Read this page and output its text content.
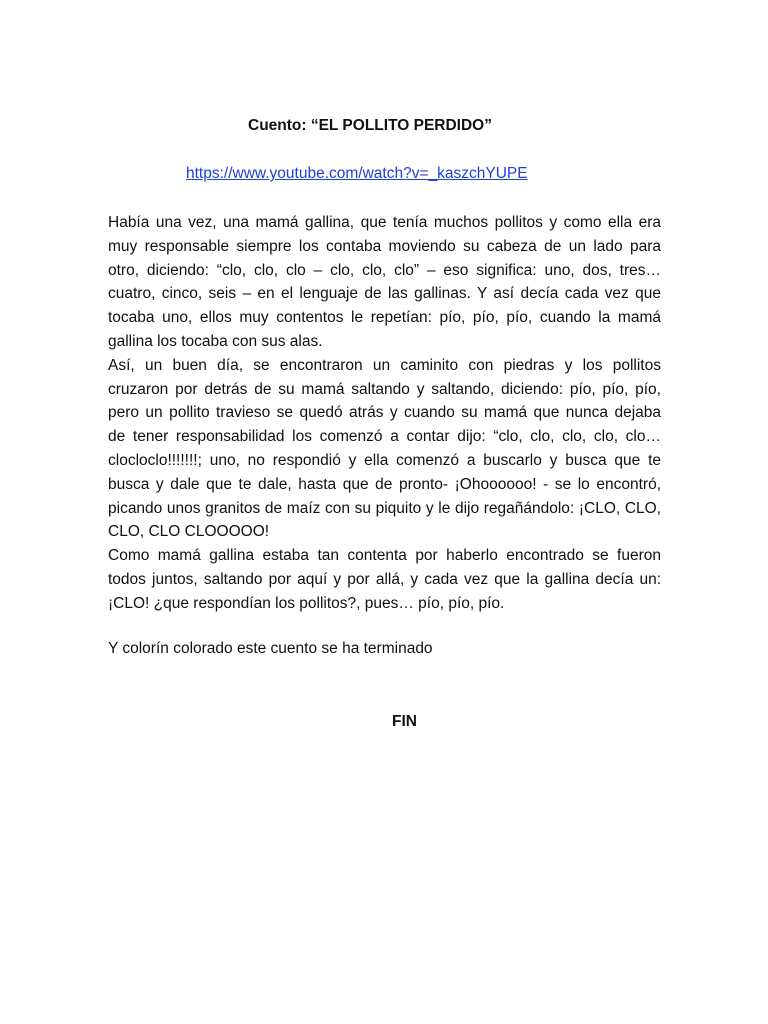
Cuento: “EL POLLITO PERDIDO”
https://www.youtube.com/watch?v=_kaszchYUPE
Había una vez, una mamá gallina, que tenía muchos pollitos y como ella era
muy responsable siempre los contaba moviendo su cabeza de un lado para
otro, diciendo: “clo, clo, clo – clo, clo, clo” – eso significa: uno, dos, tres…
cuatro, cinco, seis – en el lenguaje de las gallinas. Y así decía cada vez que
tocaba uno, ellos muy contentos le repetían: pío, pío, pío, cuando la mamá
gallina los tocaba con sus alas.
Así, un buen día, se encontraron un caminito con piedras y los pollitos
cruzaron por detrás de su mamá saltando y saltando, diciendo: pío, pío, pío,
pero un pollito travieso se quedó atrás y cuando su mamá que nunca dejaba
de tener responsabilidad los comenzó a contar dijo: “clo, clo, clo, clo, clo…
clocloclo!!!!!!!; uno, no respondió y ella comenzó a buscarlo y busca que te
busca y dale que te dale, hasta que de pronto- ¡Ohoooooo! - se lo encontró,
picando unos granitos de maíz con su piquito y le dijo regañándolo: ¡CLO, CLO,
CLO, CLO CLOOOOO!
Como mamá gallina estaba tan contenta por haberlo encontrado se fueron
todos juntos, saltando por aquí y por allá, y cada vez que la gallina decía un:
¡CLO! ¿que respondían los pollitos?, pues… pío, pío, pío.
Y colorín colorado este cuento se ha terminado
FIN
